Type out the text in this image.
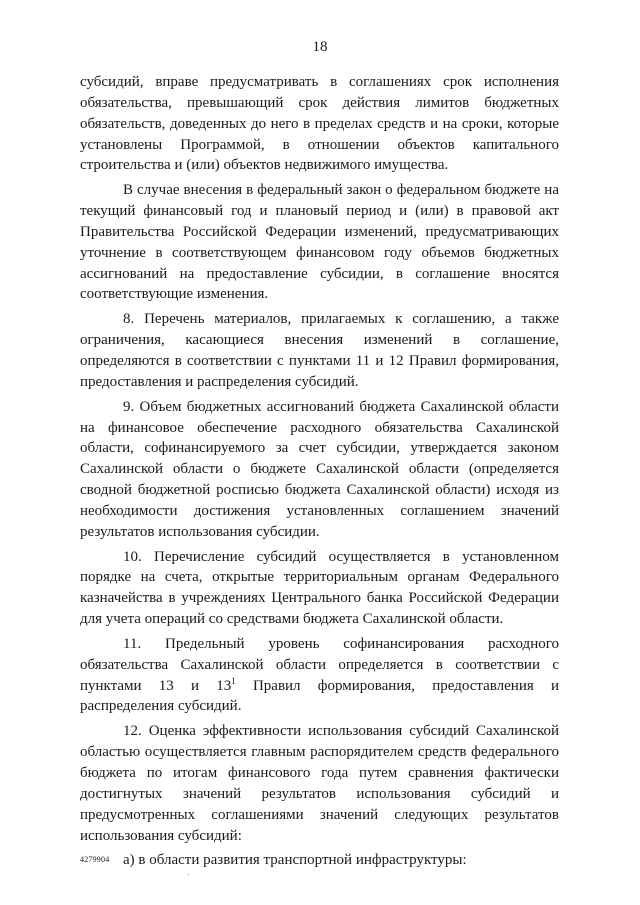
18

субсидий, вправе предусматривать в соглашениях срок исполнения обязательства, превышающий срок действия лимитов бюджетных обязательств, доведенных до него в пределах средств и на сроки, которые установлены Программой, в отношении объектов капитального строительства и (или) объектов недвижимого имущества.

В случае внесения в федеральный закон о федеральном бюджете на текущий финансовый год и плановый период и (или) в правовой акт Правительства Российской Федерации изменений, предусматривающих уточнение в соответствующем финансовом году объемов бюджетных ассигнований на предоставление субсидии, в соглашение вносятся соответствующие изменения.

8. Перечень материалов, прилагаемых к соглашению, а также ограничения, касающиеся внесения изменений в соглашение, определяются в соответствии с пунктами 11 и 12 Правил формирования, предоставления и распределения субсидий.

9. Объем бюджетных ассигнований бюджета Сахалинской области на финансовое обеспечение расходного обязательства Сахалинской области, софинансируемого за счет субсидии, утверждается законом Сахалинской области о бюджете Сахалинской области (определяется сводной бюджетной росписью бюджета Сахалинской области) исходя из необходимости достижения установленных соглашением значений результатов использования субсидии.

10. Перечисление субсидий осуществляется в установленном порядке на счета, открытые территориальным органам Федерального казначейства в учреждениях Центрального банка Российской Федерации для учета операций со средствами бюджета Сахалинской области.

11. Предельный уровень софинансирования расходного обязательства Сахалинской области определяется в соответствии с пунктами 13 и $13^1$ Правил формирования, предоставления и распределения субсидий.

12. Оценка эффективности использования субсидий Сахалинской областью осуществляется главным распорядителем средств федерального бюджета по итогам финансового года путем сравнения фактически достигнутых значений результатов использования субсидий и предусмотренных соглашениями значений следующих результатов использования субсидий:

а) в области развития транспортной инфраструктуры:

4279904
